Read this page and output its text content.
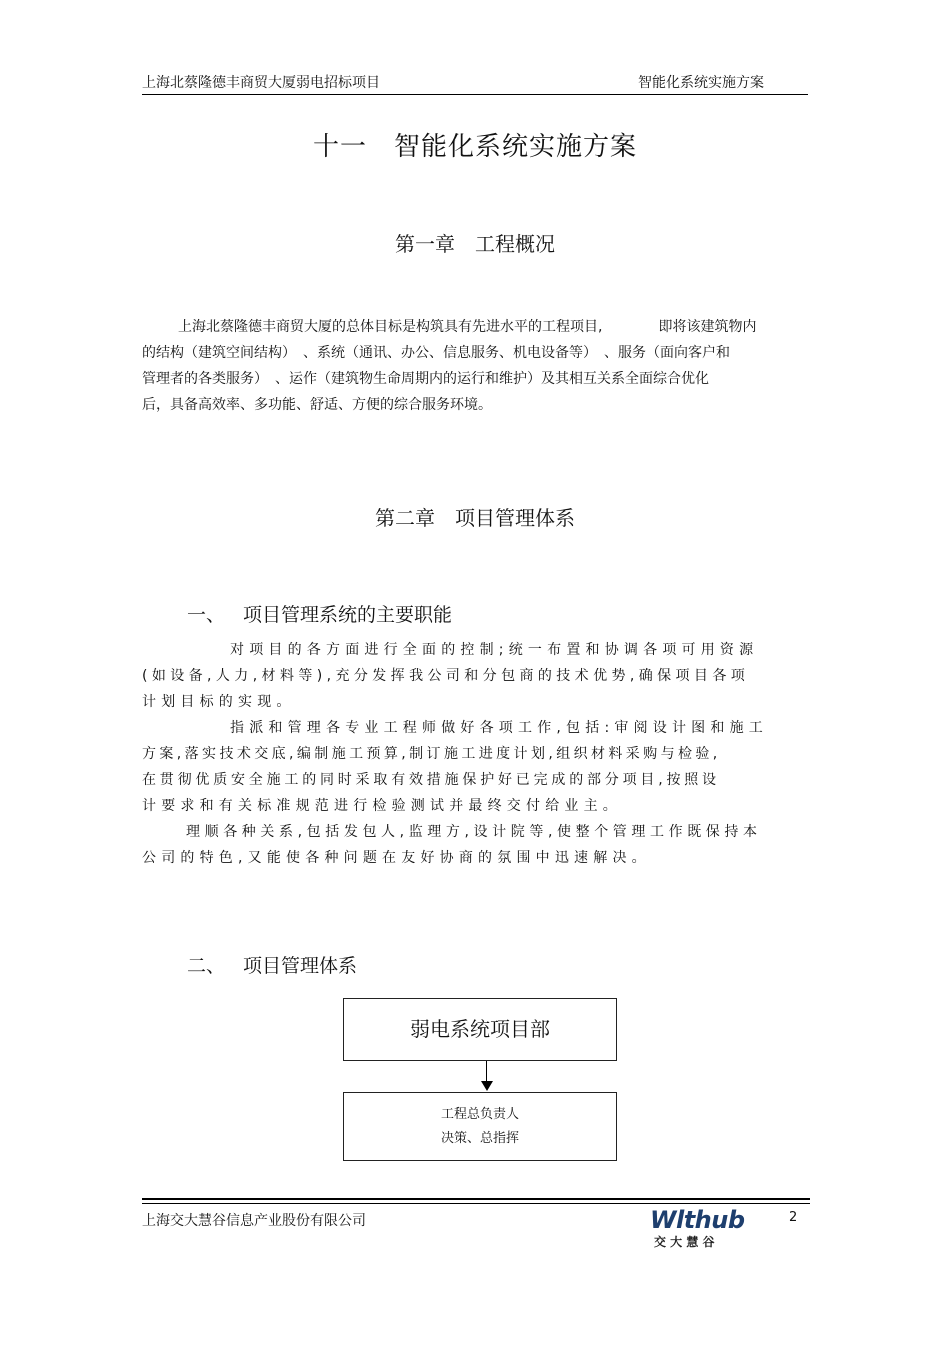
上海北蔡隆德丰商贸大厦弱电招标项目	智能化系统实施方案
十一　智能化系统实施方案
第一章　工程概况
上海北蔡隆德丰商贸大厦的总体目标是构筑具有先进水平的工程项目,　　　　即将该建筑物内
的结构（建筑空间结构）　、系统（通讯、办公、信息服务、机电设备等）　、服务（面向客户和
管理者的各类服务）　、运作（建筑物生命周期内的运行和维护）及其相互关系全面综合优化
后，具备高效率、多功能、舒适、方便的综合服务环境。
第二章　项目管理体系
一、 项目管理系统的主要职能
对项目的各方面进行全面的控制;统一布置和协调各项可用资源
(如设备,人力,材料等),充分发挥我公司和分包商的技术优势,确保项目各项
计划目标的实现。
指派和管理各专业工程师做好各项工作,包括:审阅设计图和施工
方案,落实技术交底,编制施工预算,制订施工进度计划,组织材料采购与检验,
在贯彻优质安全施工的同时采取有效措施保护好已完成的部分项目,按照设
计要求和有关标准规范进行检验测试并最终交付给业主。
理顺各种关系,包括发包人,监理方,设计院等,使整个管理工作既保持本
公司的特色,又能使各种问题在友好协商的氛围中迅速解决。
二、 项目管理体系
弱电系统项目部
工程总负责人
决策、总指挥
上海交大慧谷信息产业股份有限公司	Wlthub
交 大 慧 谷
2
